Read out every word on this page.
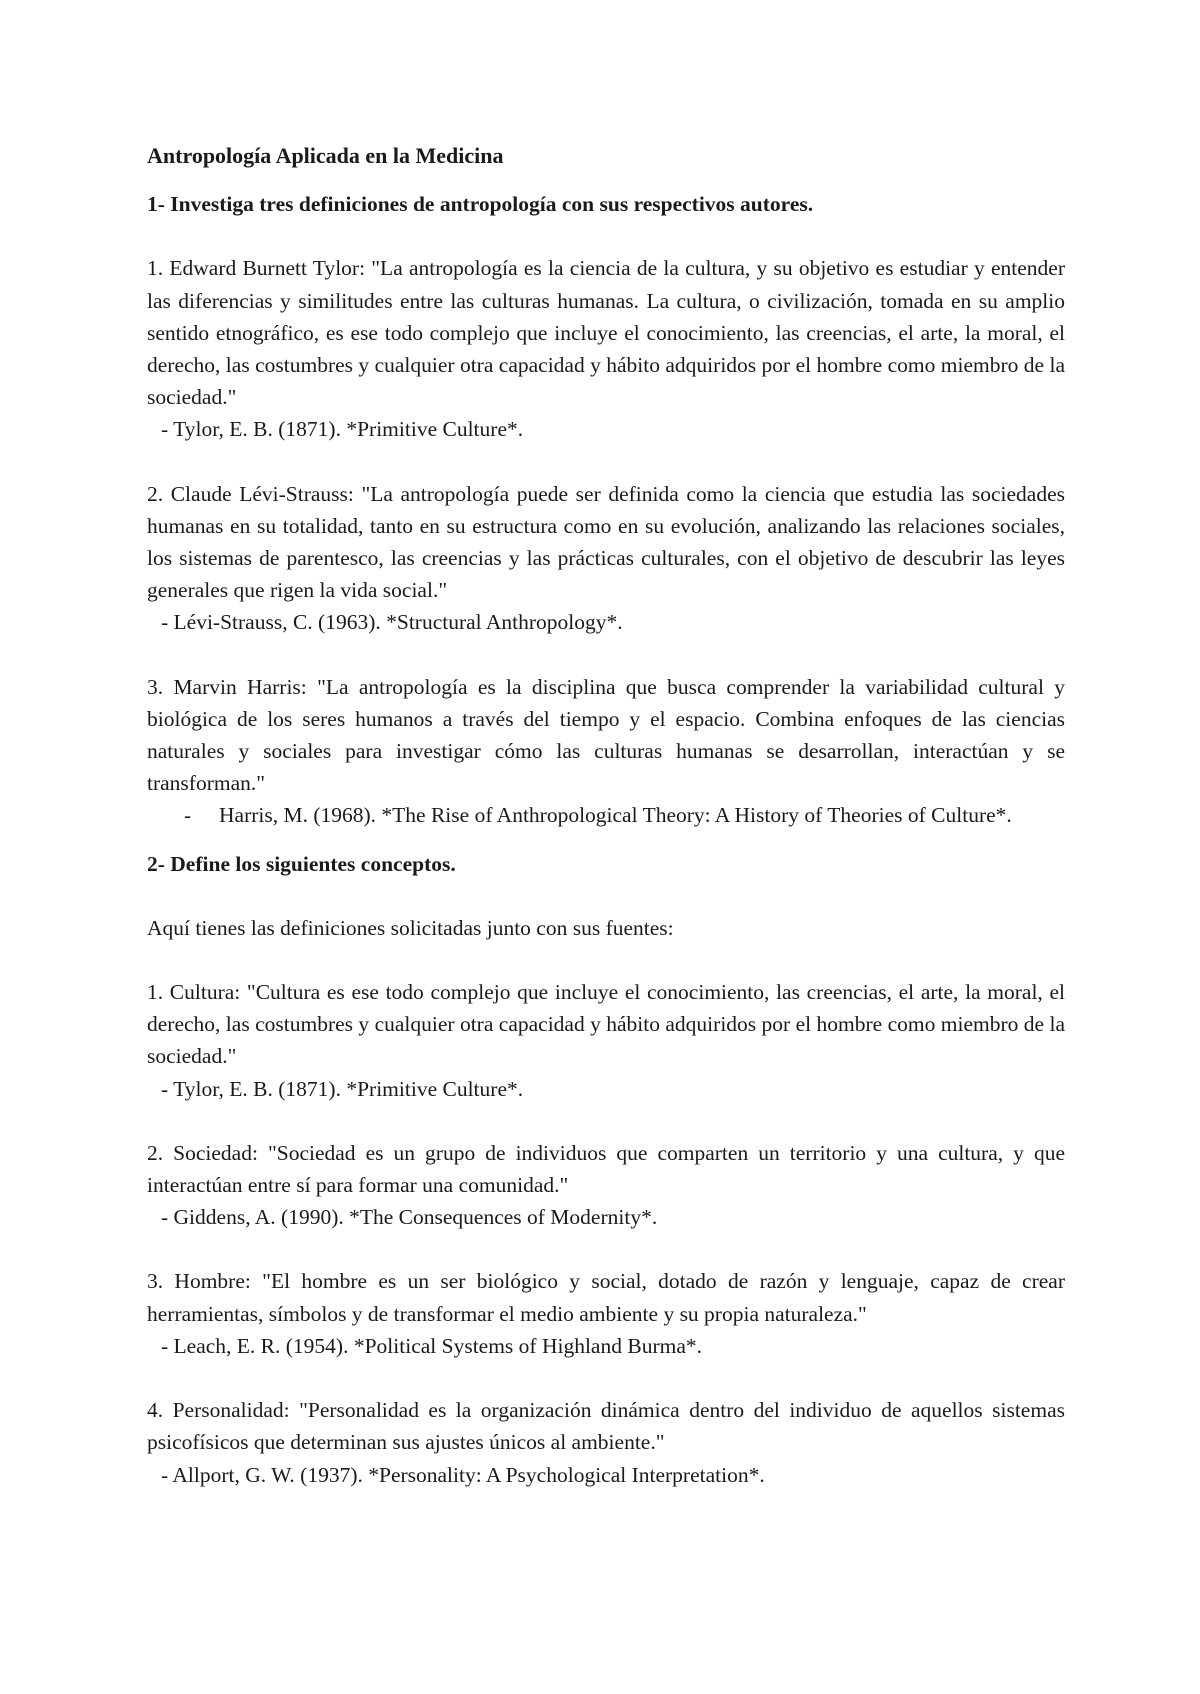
Antropología Aplicada en la Medicina

1- Investiga tres definiciones de antropología con sus respectivos autores.

1. Edward Burnett Tylor: "La antropología es la ciencia de la cultura, y su objetivo es estudiar y entender las diferencias y similitudes entre las culturas humanas. La cultura, o civilización, tomada en su amplio sentido etnográfico, es ese todo complejo que incluye el conocimiento, las creencias, el arte, la moral, el derecho, las costumbres y cualquier otra capacidad y hábito adquiridos por el hombre como miembro de la sociedad."

- Tylor, E. B. (1871). *Primitive Culture*.

2. Claude Lévi-Strauss: "La antropología puede ser definida como la ciencia que estudia las sociedades humanas en su totalidad, tanto en su estructura como en su evolución, analizando las relaciones sociales, los sistemas de parentesco, las creencias y las prácticas culturales, con el objetivo de descubrir las leyes generales que rigen la vida social."

- Lévi-Strauss, C. (1963). *Structural Anthropology*.

3. Marvin Harris: "La antropología es la disciplina que busca comprender la variabilidad cultural y biológica de los seres humanos a través del tiempo y el espacio. Combina enfoques de las ciencias naturales y sociales para investigar cómo las culturas humanas se desarrollan, interactúan y se transforman."

- Harris, M. (1968). *The Rise of Anthropological Theory: A History of Theories of Culture*.

2- Define los siguientes conceptos.

Aquí tienes las definiciones solicitadas junto con sus fuentes:

1. Cultura: "Cultura es ese todo complejo que incluye el conocimiento, las creencias, el arte, la moral, el derecho, las costumbres y cualquier otra capacidad y hábito adquiridos por el hombre como miembro de la sociedad."

- Tylor, E. B. (1871). *Primitive Culture*.

2. Sociedad: "Sociedad es un grupo de individuos que comparten un territorio y una cultura, y que interactúan entre sí para formar una comunidad."

- Giddens, A. (1990). *The Consequences of Modernity*.

3. Hombre: "El hombre es un ser biológico y social, dotado de razón y lenguaje, capaz de crear herramientas, símbolos y de transformar el medio ambiente y su propia naturaleza."

- Leach, E. R. (1954). *Political Systems of Highland Burma*.

4. Personalidad: "Personalidad es la organización dinámica dentro del individuo de aquellos sistemas psicofísicos que determinan sus ajustes únicos al ambiente."

- Allport, G. W. (1937). *Personality: A Psychological Interpretation*.
